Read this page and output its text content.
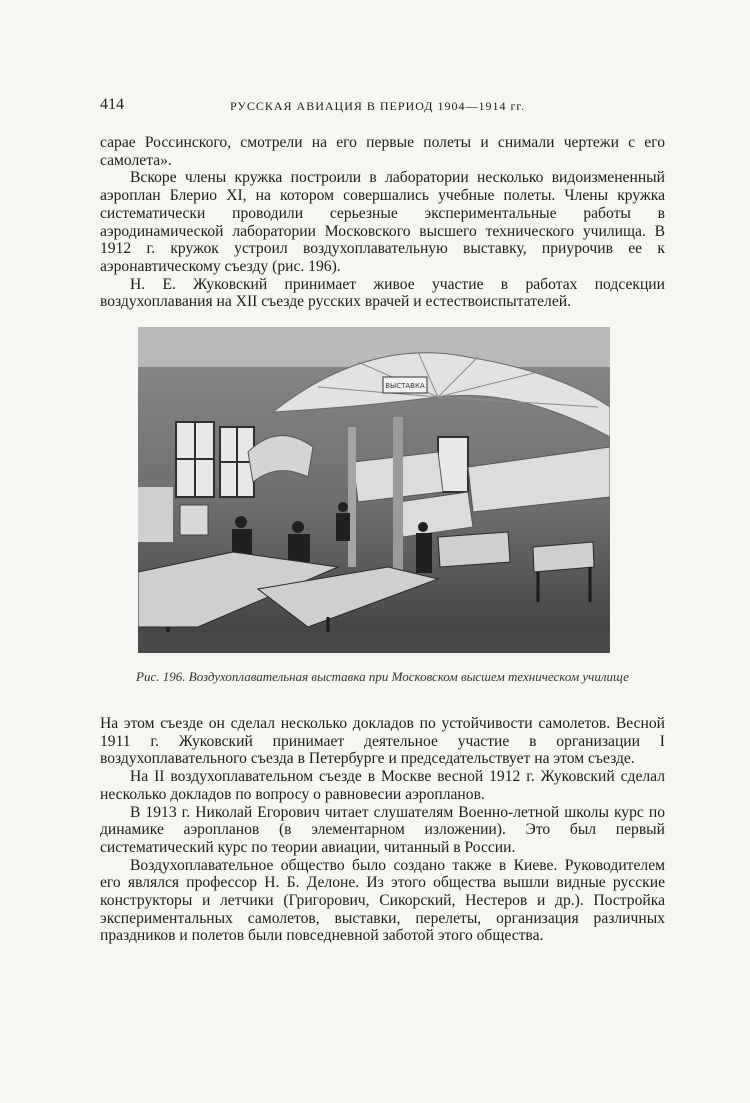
414	РУССКАЯ АВИАЦИЯ В ПЕРИОД 1904—1914 гг.

сарае Россинского, смотрели на его первые полеты и снимали чертежи с его самолета».

Вскоре члены кружка построили в лаборатории несколько видоизмененный аэроплан Блерио XI, на котором совершались учебные полеты. Члены кружка систематически проводили серьезные экспериментальные работы в аэродинамической лаборатории Московского высшего технического училища. В 1912 г. кружок устроил воздухоплавательную выставку, приурочив ее к аэронавтическому съезду (рис. 196).

Н. Е. Жуковский принимает живое участие в работах подсекции воздухоплавания на XII съезде русских врачей и естествоиспытателей.

ВЫСТАВКА
Рис. 196. Воздухоплавательная выставка при Московском высшем техническом училище

На этом съезде он сделал несколько докладов по устойчивости самолетов. Весной 1911 г. Жуковский принимает деятельное участие в организации I воздухоплавательного съезда в Петербурге и председательствует на этом съезде.

На II воздухоплавательном съезде в Москве весной 1912 г. Жуковский сделал несколько докладов по вопросу о равновесии аэропланов.

В 1913 г. Николай Егорович читает слушателям Военно-летной школы курс по динамике аэропланов (в элементарном изложении). Это был первый систематический курс по теории авиации, читанный в России.

Воздухоплавательное общество было создано также в Киеве. Руководителем его являлся профессор Н. Б. Делоне. Из этого общества вышли видные русские конструкторы и летчики (Григорович, Сикорский, Нестеров и др.). Постройка экспериментальных самолетов, выставки, перелеты, организация различных праздников и полетов были повседневной заботой этого общества.
